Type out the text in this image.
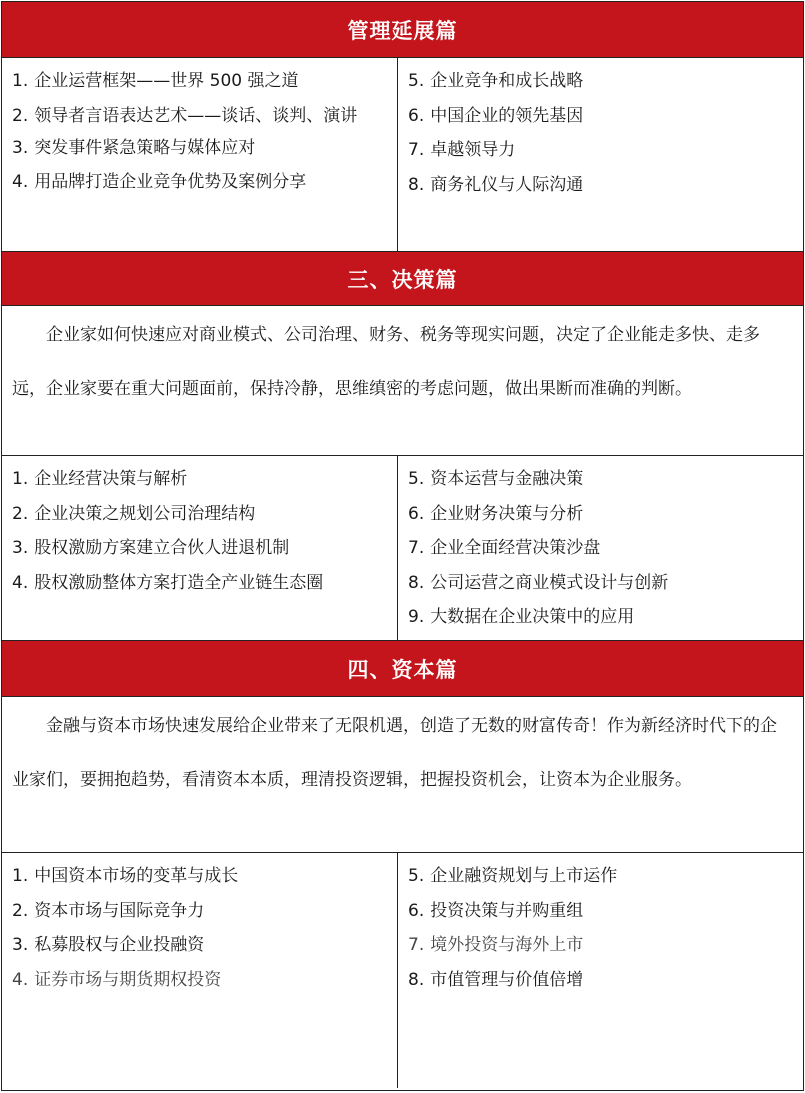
管理延展篇

1. 企业运营框架——世界 500 强之道

2. 领导者言语表达艺术——谈话、谈判、演讲

3. 突发事件紧急策略与媒体应对

4. 用品牌打造企业竞争优势及案例分享

5. 企业竞争和成长战略

6. 中国企业的领先基因

7. 卓越领导力

8. 商务礼仪与人际沟通

三、决策篇

企业家如何快速应对商业模式、公司治理、财务、税务等现实问题，决定了企业能走多快、走多远，企业家要在重大问题面前，保持冷静，思维缜密的考虑问题，做出果断而准确的判断。

1. 企业经营决策与解析

2. 企业决策之规划公司治理结构

3. 股权激励方案建立合伙人进退机制

4. 股权激励整体方案打造全产业链生态圈

5. 资本运营与金融决策

6. 企业财务决策与分析

7. 企业全面经营决策沙盘

8. 公司运营之商业模式设计与创新

9. 大数据在企业决策中的应用

四、资本篇

金融与资本市场快速发展给企业带来了无限机遇，创造了无数的财富传奇！作为新经济时代下的企业家们，要拥抱趋势，看清资本本质，理清投资逻辑，把握投资机会，让资本为企业服务。

1. 中国资本市场的变革与成长

2. 资本市场与国际竞争力

3. 私募股权与企业投融资

4. 证券市场与期货期权投资

5. 企业融资规划与上市运作

6. 投资决策与并购重组

7. 境外投资与海外上市

8. 市值管理与价值倍增
